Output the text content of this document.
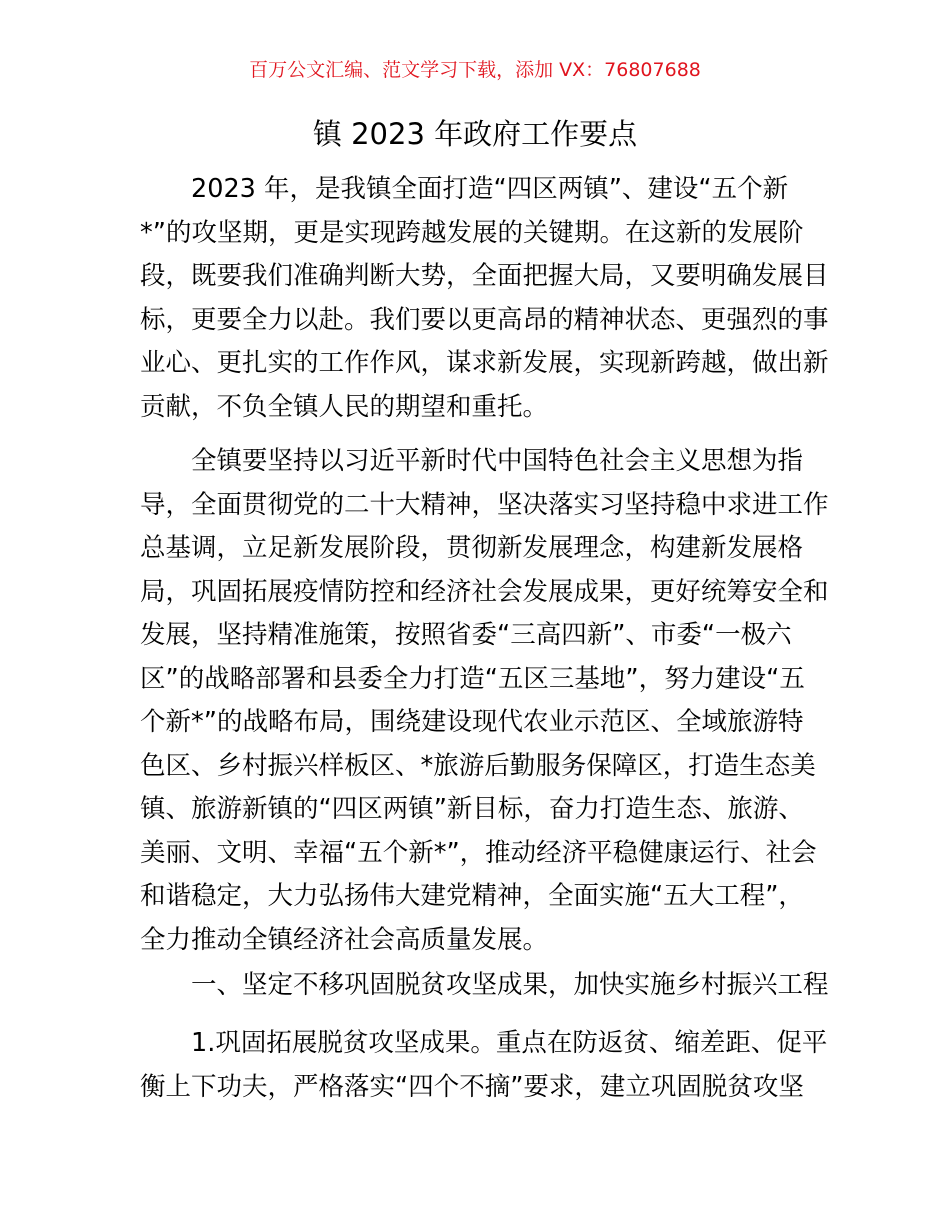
百万公文汇编、范文学习下载，添加 VX：76807688
镇 2023 年政府工作要点
2023 年，是我镇全面打造“四区两镇”、建设“五个新
*”的攻坚期，更是实现跨越发展的关键期。在这新的发展阶
段，既要我们准确判断大势，全面把握大局，又要明确发展目
标，更要全力以赴。我们要以更高昂的精神状态、更强烈的事
业心、更扎实的工作作风，谋求新发展，实现新跨越，做出新
贡献，不负全镇人民的期望和重托。
全镇要坚持以习近平新时代中国特色社会主义思想为指
导，全面贯彻党的二十大精神，坚决落实习坚持稳中求进工作
总基调，立足新发展阶段，贯彻新发展理念，构建新发展格
局，巩固拓展疫情防控和经济社会发展成果，更好统筹安全和
发展，坚持精准施策，按照省委“三高四新”、市委“一极六
区”的战略部署和县委全力打造“五区三基地”，努力建设“五
个新*”的战略布局，围绕建设现代农业示范区、全域旅游特
色区、乡村振兴样板区、*旅游后勤服务保障区，打造生态美
镇、旅游新镇的“四区两镇”新目标，奋力打造生态、旅游、
美丽、文明、幸福“五个新*”，推动经济平稳健康运行、社会
和谐稳定，大力弘扬伟大建党精神，全面实施“五大工程”，
全力推动全镇经济社会高质量发展。
一、坚定不移巩固脱贫攻坚成果，加快实施乡村振兴工程
1.巩固拓展脱贫攻坚成果。重点在防返贫、缩差距、促平
衡上下功夫，严格落实“四个不摘”要求，建立巩固脱贫攻坚
